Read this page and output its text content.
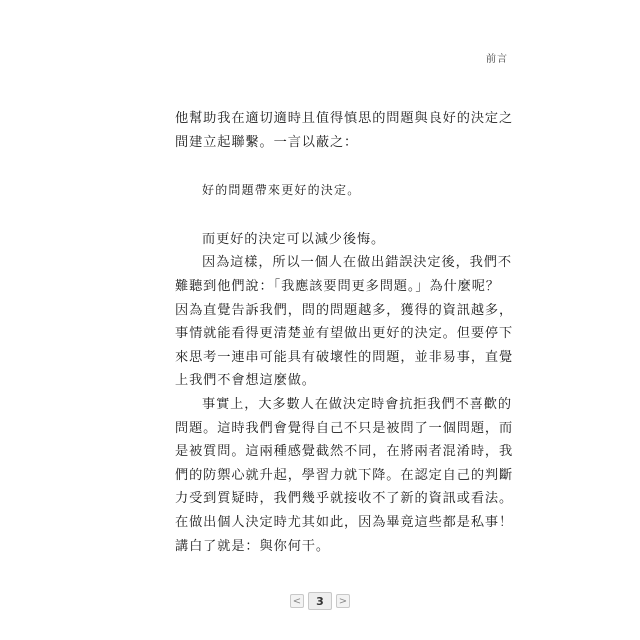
前言
他幫助我在適切適時且值得慎思的問題與良好的決定之
間建立起聯繫。一言以蔽之：
好的問題帶來更好的決定。
而更好的決定可以減少後悔。
因為這樣，所以一個人在做出錯誤決定後，我們不
難聽到他們說：「我應該要問更多問題。」為什麼呢？
因為直覺告訴我們，問的問題越多，獲得的資訊越多，
事情就能看得更清楚並有望做出更好的決定。但要停下
來思考一連串可能具有破壞性的問題，並非易事，直覺
上我們不會想這麼做。
事實上，大多數人在做決定時會抗拒我們不喜歡的
問題。這時我們會覺得自己不只是被問了一個問題，而
是被質問。這兩種感覺截然不同，在將兩者混淆時，我
們的防禦心就升起，學習力就下降。在認定自己的判斷
力受到質疑時，我們幾乎就接收不了新的資訊或看法。
在做出個人決定時尤其如此，因為畢竟這些都是私事！
講白了就是：與你何干。
<	3	>
